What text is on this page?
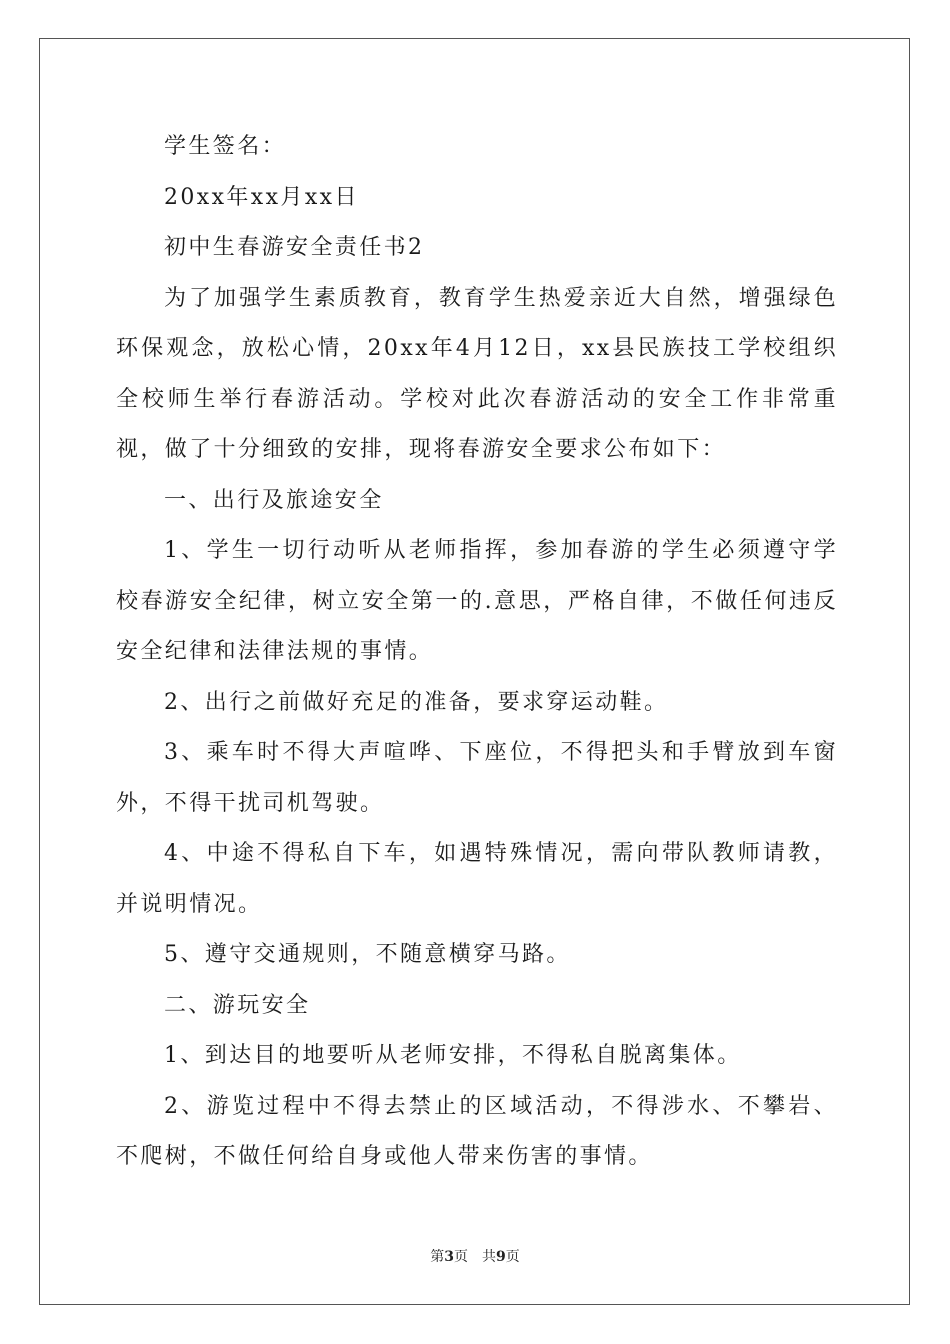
学生签名：

20xx年xx月xx日

初中生春游安全责任书2

为了加强学生素质教育，教育学生热爱亲近大自然，增强绿色环保观念，放松心情，20xx年4月12日，xx县民族技工学校组织全校师生举行春游活动。学校对此次春游活动的安全工作非常重视，做了十分细致的安排，现将春游安全要求公布如下：

一、出行及旅途安全

1、学生一切行动听从老师指挥，参加春游的学生必须遵守学校春游安全纪律，树立安全第一的.意思，严格自律，不做任何违反安全纪律和法律法规的事情。

2、出行之前做好充足的准备，要求穿运动鞋。

3、乘车时不得大声喧哗、下座位，不得把头和手臂放到车窗外，不得干扰司机驾驶。

4、中途不得私自下车，如遇特殊情况，需向带队教师请教，并说明情况。

5、遵守交通规则，不随意横穿马路。

二、游玩安全

1、到达目的地要听从老师安排，不得私自脱离集体。

2、游览过程中不得去禁止的区域活动，不得涉水、不攀岩、不爬树，不做任何给自身或他人带来伤害的事情。

第3页 共9页
